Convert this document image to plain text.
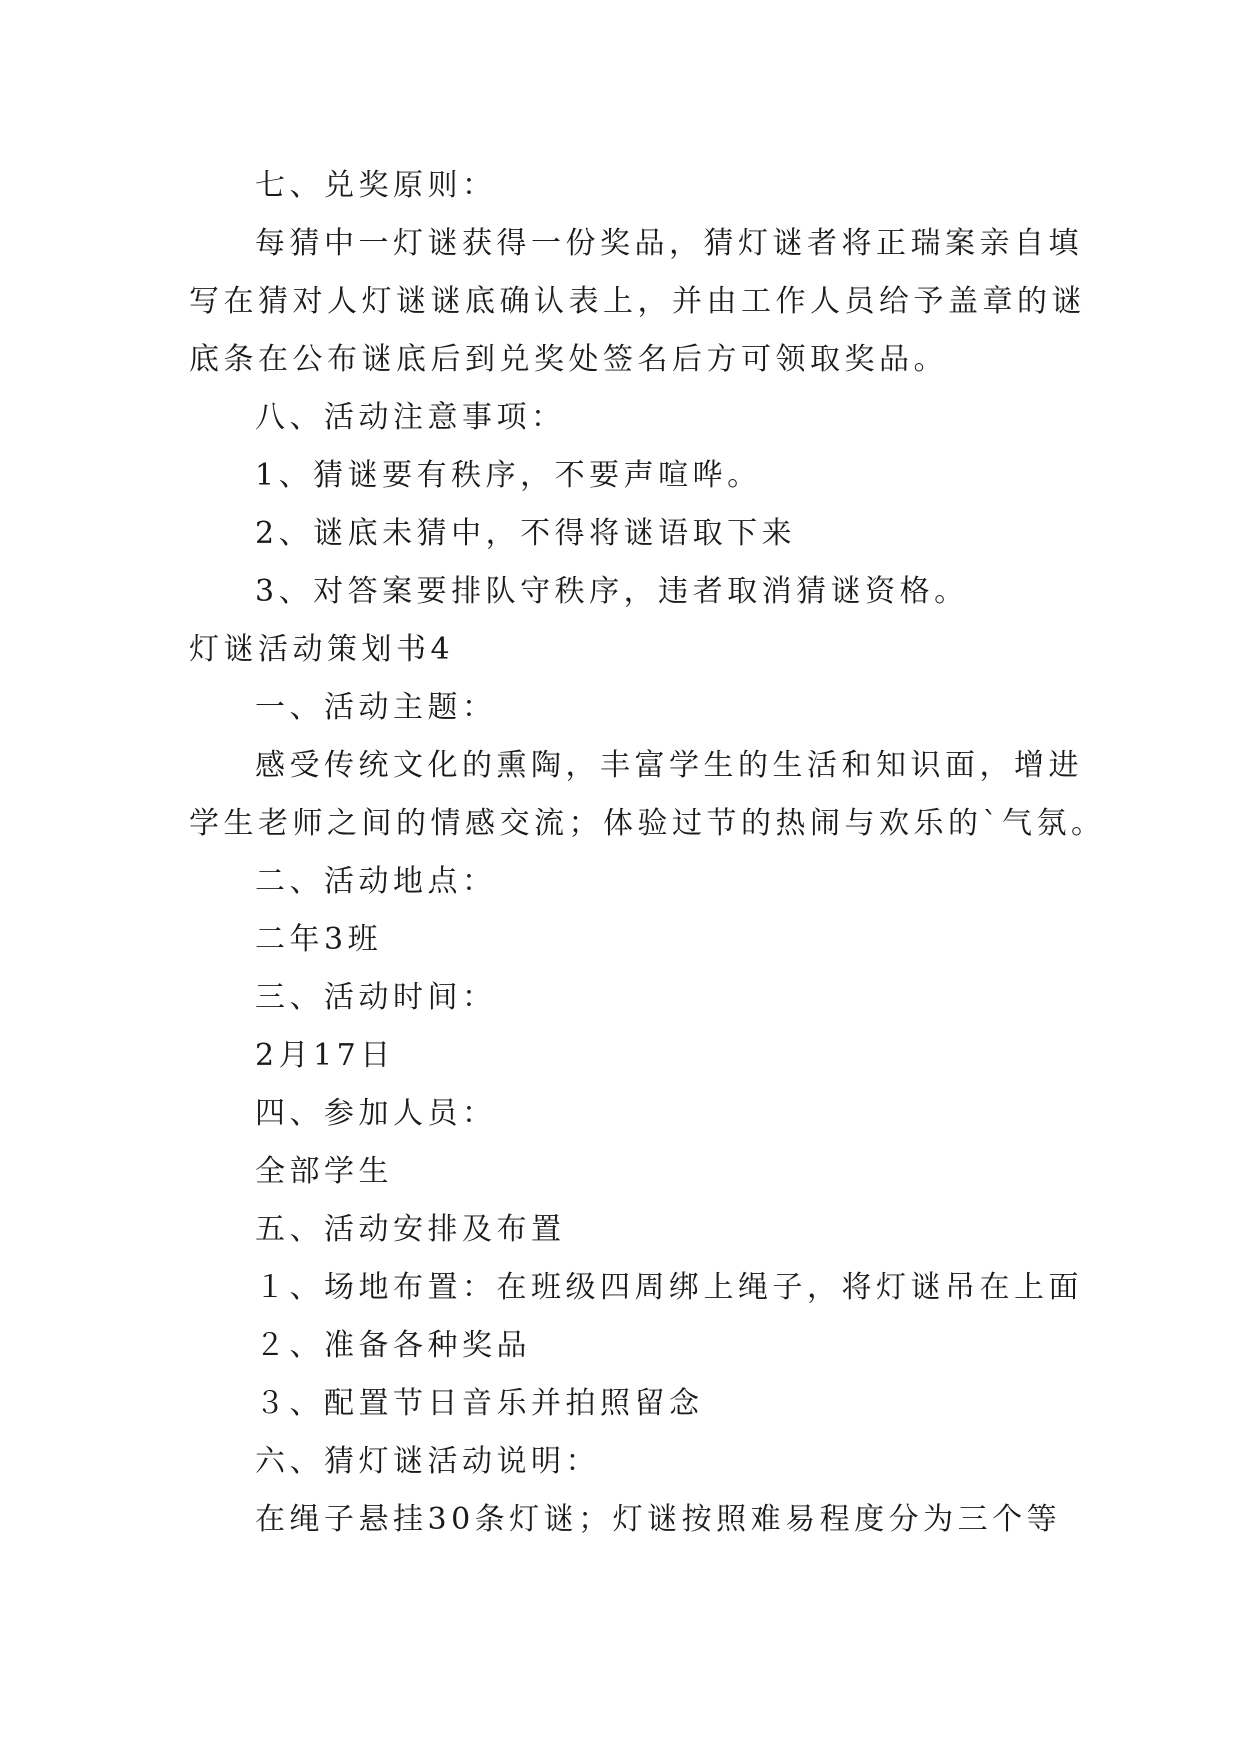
七、兑奖原则：
每猜中一灯谜获得一份奖品，猜灯谜者将正瑞案亲自填
写在猜对人灯谜谜底确认表上，并由工作人员给予盖章的谜
底条在公布谜底后到兑奖处签名后方可领取奖品。
八、活动注意事项：
1、猜谜要有秩序，不要声喧哗。
2、谜底未猜中，不得将谜语取下来
3、对答案要排队守秩序，违者取消猜谜资格。
灯谜活动策划书4
一、活动主题：
感受传统文化的熏陶，丰富学生的生活和知识面，增进
学生老师之间的情感交流；体验过节的热闹与欢乐的`气氛。
二、活动地点：
二年3班
三、活动时间：
2月17日
四、参加人员：
全部学生
五、活动安排及布置
１、场地布置：在班级四周绑上绳子，将灯谜吊在上面
２、准备各种奖品
３、配置节日音乐并拍照留念
六、猜灯谜活动说明：
在绳子悬挂30条灯谜；灯谜按照难易程度分为三个等
